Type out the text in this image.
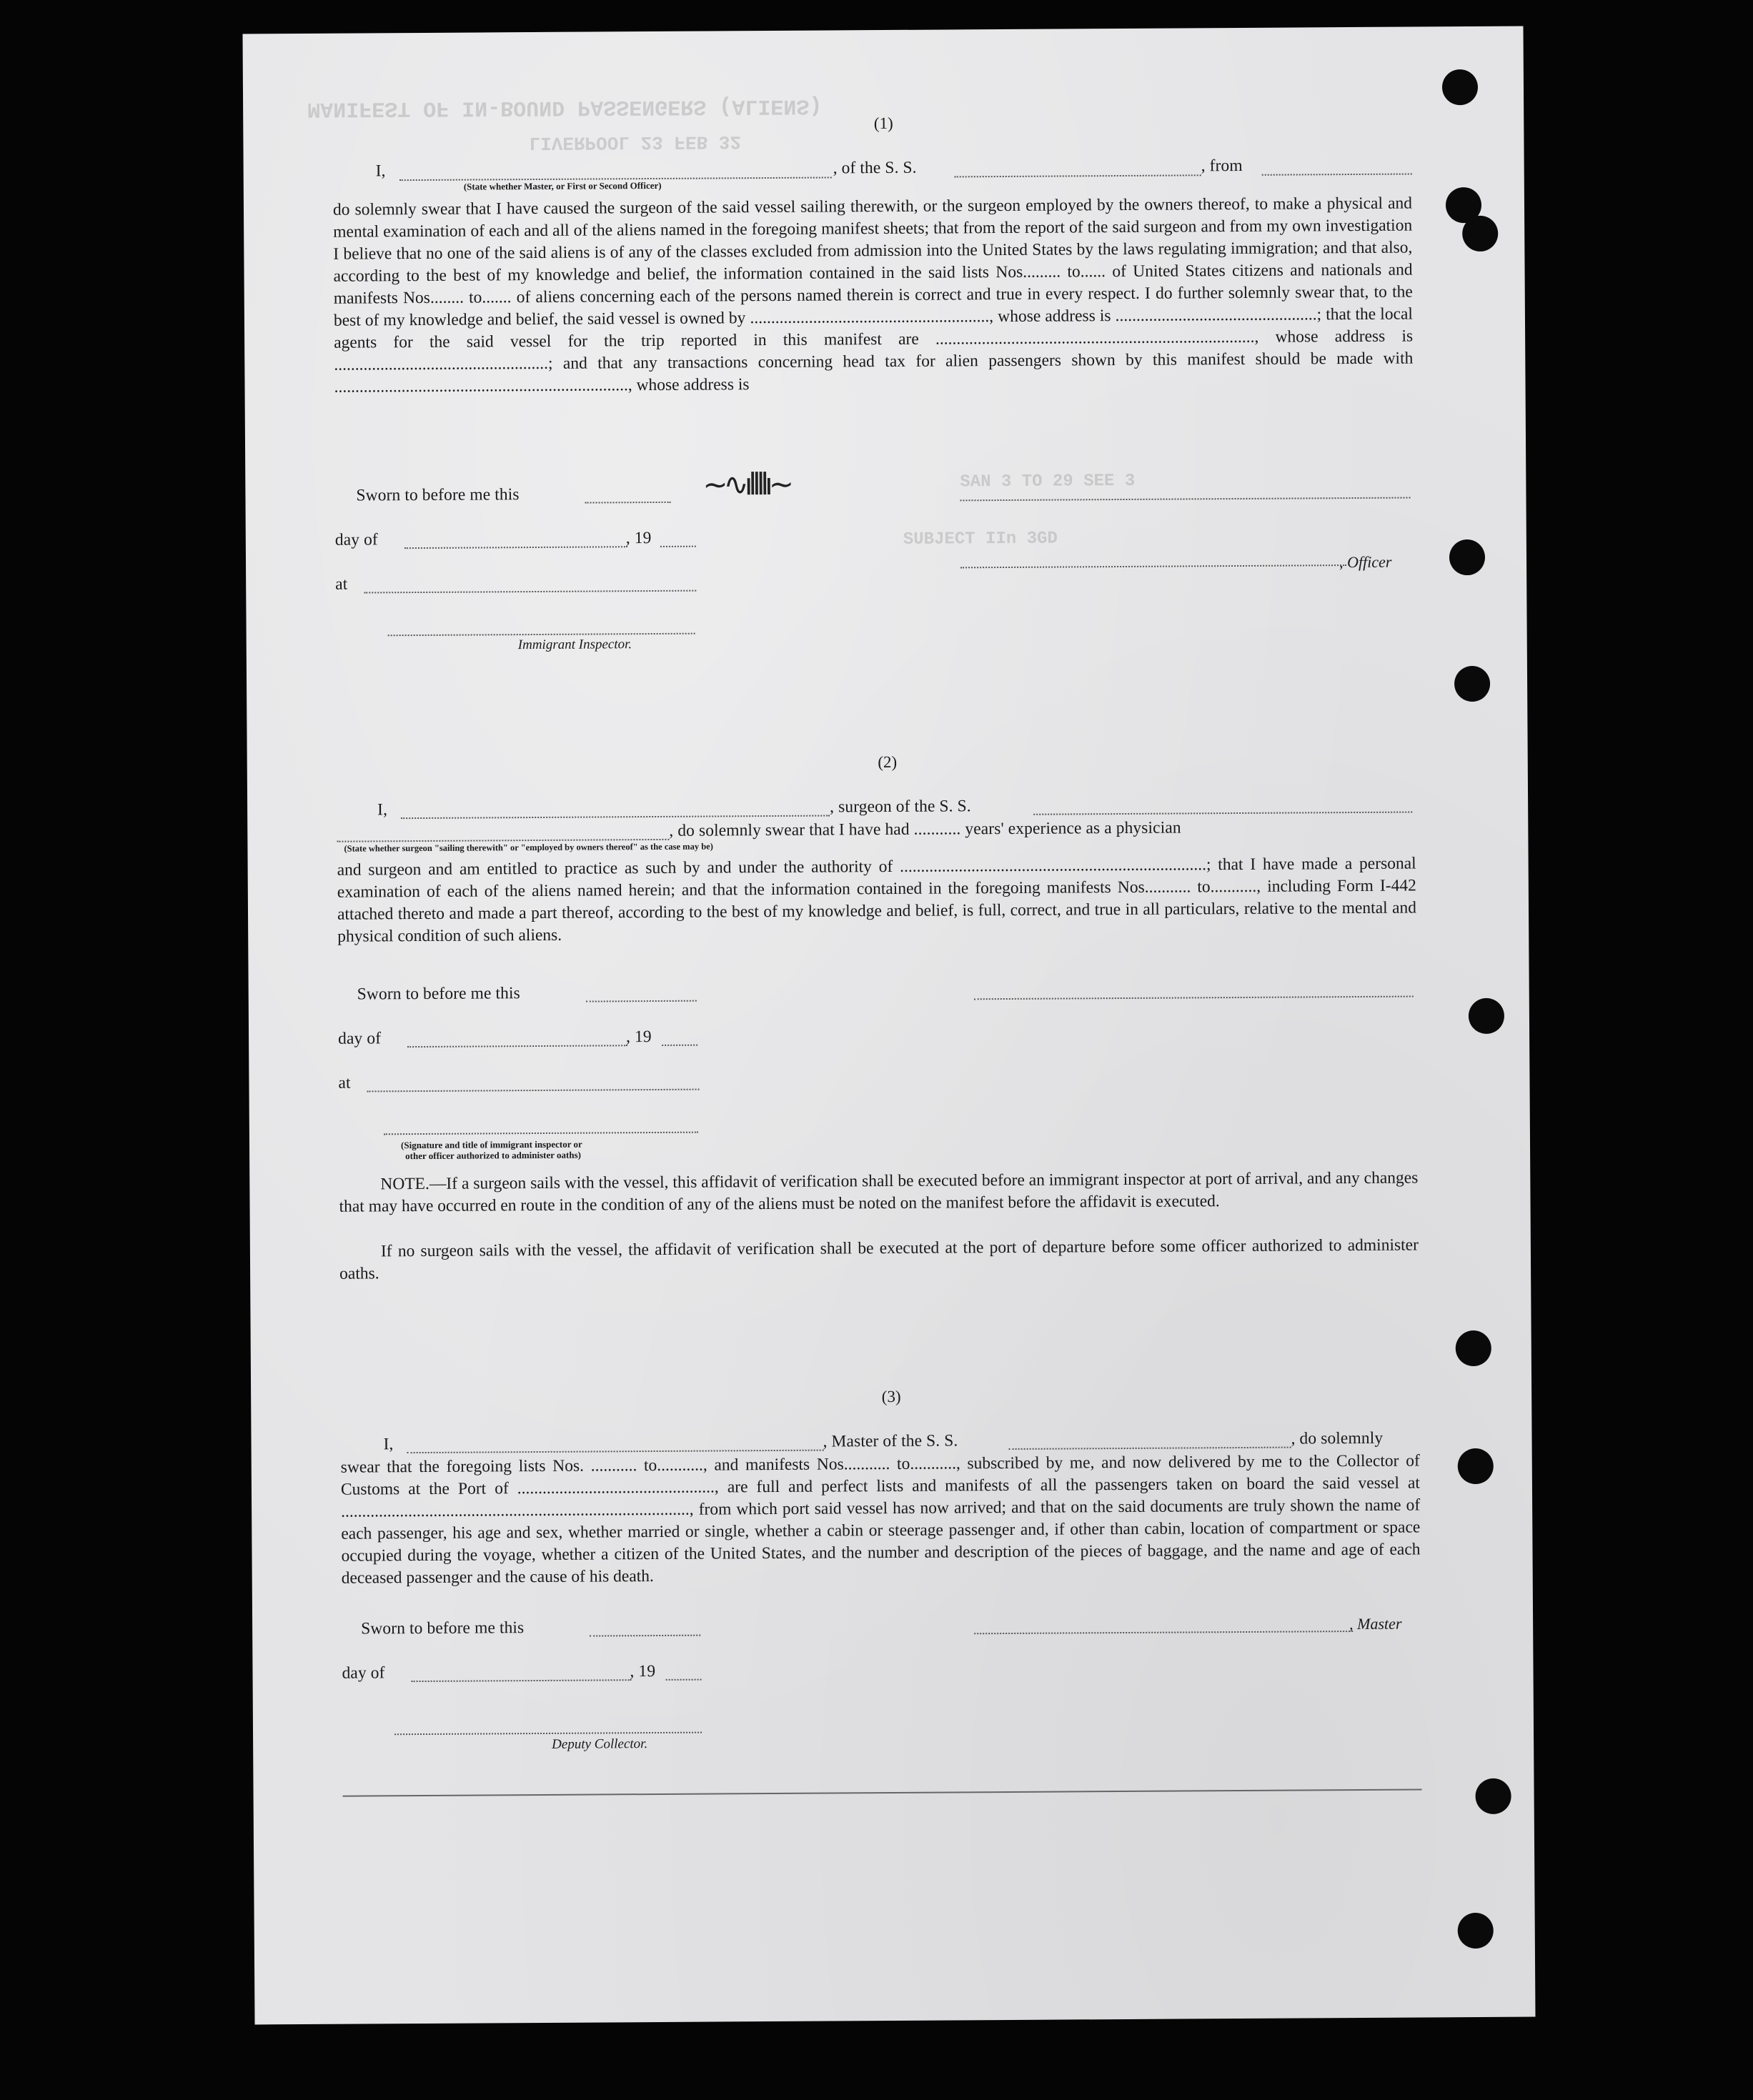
MANIFEST OF IN-BOUND PASSENGERS (ALIENS)
LIVERPOOL 23 FEB 32
SAN 3 TO 29 SEE 3
SUBJECT IIn 3GD
(1)
I,	, of the S. S.	, from
(State whether Master, or First or Second Officer)
do solemnly swear that I have caused the surgeon of the said vessel sailing therewith, or the surgeon employed by the owners thereof, to make a physical and mental examination of each and all of the aliens named in the foregoing manifest sheets; that from the report of the said surgeon and from my own investigation I believe that no one of the said aliens is of any of the classes excluded from admission into the United States by the laws regulating immigration; and that also, according to the best of my knowledge and belief, the information contained in the said lists Nos......... to...... of United States citizens and nationals and manifests Nos........ to....... of aliens concerning each of the persons named therein is correct and true in every respect. I do further solemnly swear that, to the best of my knowledge and belief, the said vessel is owned by ........................................................., whose address is ................................................; that the local agents for the said vessel for the trip reported in this manifest are ............................................................................, whose address is ...................................................; and that any transactions concerning head tax for alien passengers shown by this manifest should be made with ......................................................................, whose address is
Sworn to before me this	~∿ıllllı~
day of	, 19
, Officer
at
Immigrant Inspector.
(2)
I,	, surgeon of the S. S.
, do solemnly swear that I have had ........... years' experience as a physician
(State whether surgeon "sailing therewith" or "employed by owners thereof" as the case may be)
and surgeon and am entitled to practice as such by and under the authority of .........................................................................; that I have made a personal examination of each of the aliens named herein; and that the information contained in the foregoing manifests Nos........... to..........., including Form I-442 attached thereto and made a part thereof, according to the best of my knowledge and belief, is full, correct, and true in all particulars, relative to the mental and physical condition of such aliens.
Sworn to before me this
day of	, 19
at
(Signature and title of immigrant inspector or
other officer authorized to administer oaths)
NOTE.—If a surgeon sails with the vessel, this affidavit of verification shall be executed before an immigrant inspector at port of arrival, and any changes that may have occurred en route in the condition of any of the aliens must be noted on the manifest before the affidavit is executed.
If no surgeon sails with the vessel, the affidavit of verification shall be executed at the port of departure before some officer authorized to administer oaths.
(3)
I,	, Master of the S. S.	, do solemnly
swear that the foregoing lists Nos. ........... to..........., and manifests Nos........... to..........., subscribed by me, and now delivered by me to the Collector of Customs at the Port of ..............................................., are full and perfect lists and manifests of all the passengers taken on board the said vessel at ..................................................................................., from which port said vessel has now arrived; and that on the said documents are truly shown the name of each passenger, his age and sex, whether married or single, whether a cabin or steerage passenger and, if other than cabin, location of compartment or space occupied during the voyage, whether a citizen of the United States, and the number and description of the pieces of baggage, and the name and age of each deceased passenger and the cause of his death.
Sworn to before me this	, Master
day of	, 19
Deputy Collector.
